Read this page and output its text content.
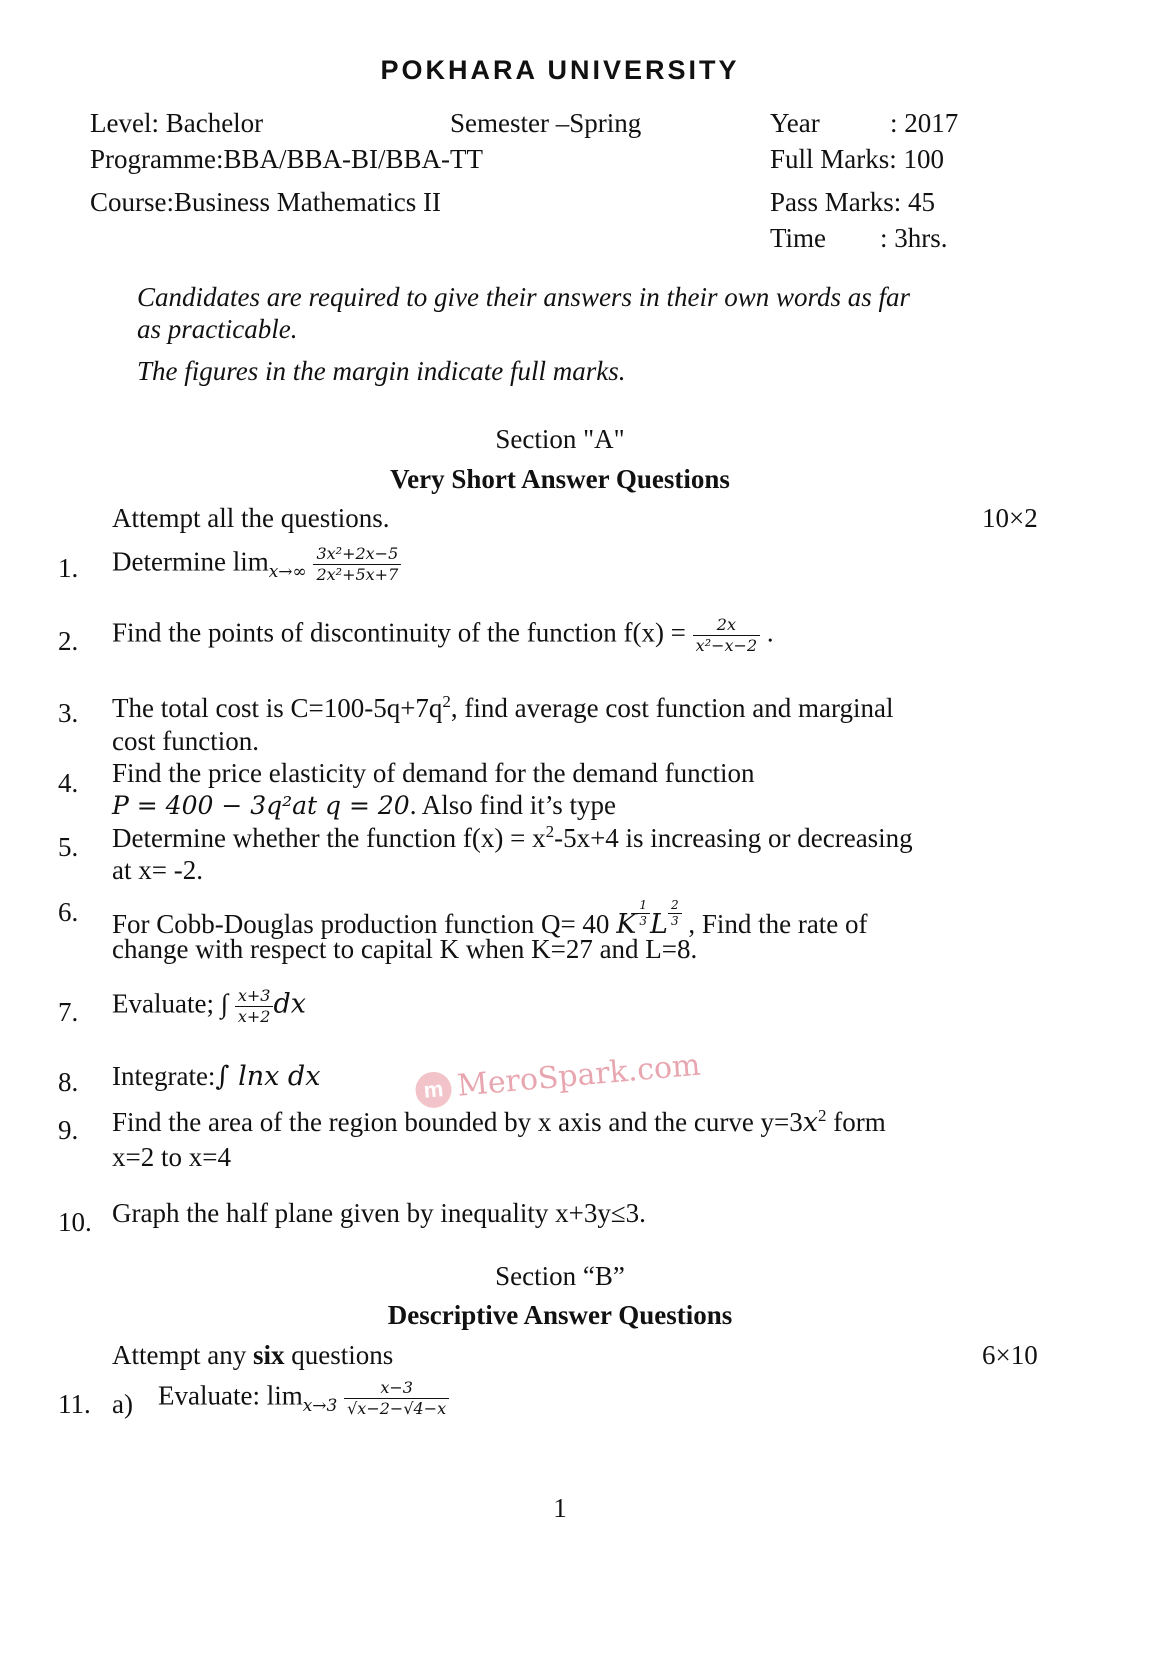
POKHARA UNIVERSITY
Level: Bachelor	Semester –Spring	Year	: 2017
Programme:BBA/BBA-BI/BBA-TT	Full Marks: 100
Course:Business Mathematics II	Pass Marks: 45
Time : 3hrs.
Candidates are required to give their answers in their own words as far
as practicable.
The figures in the margin indicate full marks.
Section "A"
Very Short Answer Questions
Attempt all the questions.	10×2
1. Determine $\lim_{x\to\infty} \frac{\text{3x²+2x−5}}{\text{2x²+5x+7}}$
2. Find the points of discontinuity of the function $f(x) = \frac{2x}{\text{x²−x−2}}$ .
3. The total cost is $C=100-5q+7q^2$, find average cost function and marginal
cost function.
4. Find the price elasticity of demand for the demand function
P = 400 − 3q²at q = 20. Also find it’s type
5. Determine whether the function $f(x) = x^2-5x+4$ is increasing or decreasing
at x= -2.
6. For Cobb-Douglas production function Q= 40 K $\frac{1}{3}$ L $\frac{2}{3}$ , Find the rate of
change with respect to capital K when K=27 and L=8.
7. Evaluate; ∫ $\frac{x+3}{x+2}$ dx
8. Integrate:∫ lnx dx	m MeroSpark.com
9. Find the area of the region bounded by x axis and the curve $y=3x^2$ form
x=2 to x=4
10. Graph the half plane given by inequality x+3y≤3.
Section “B”
Descriptive Answer Questions
Attempt any six questions	6×10
11. a) Evaluate: $\lim_{x\to 3} \frac{x-3}{√x-2-√4-x}$
1
